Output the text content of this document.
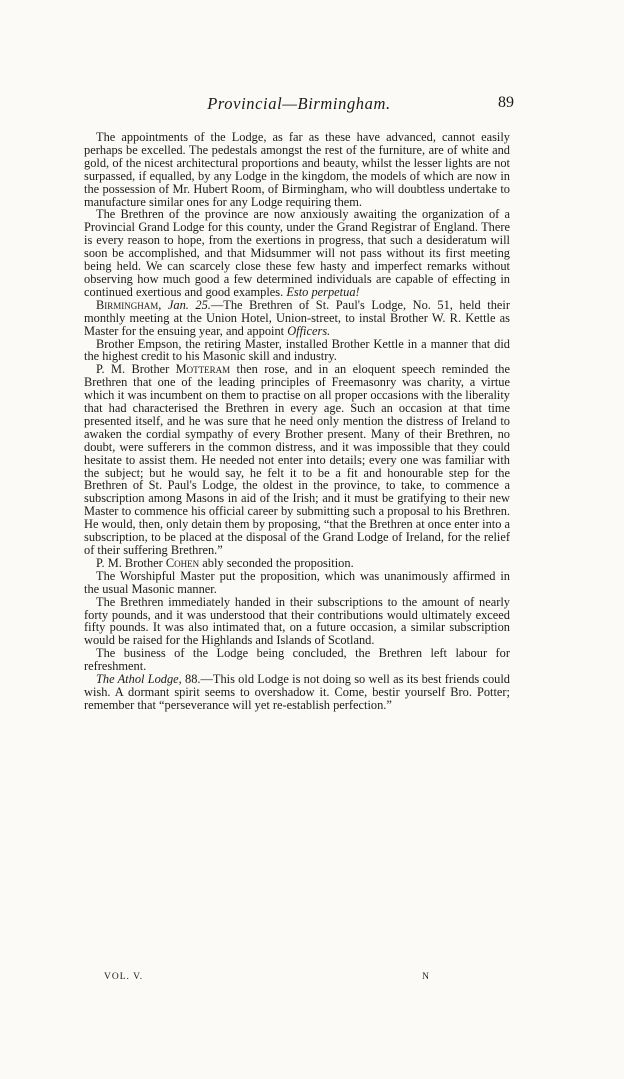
Provincial—Birmingham.	89

The appointments of the Lodge, as far as these have advanced, cannot easily perhaps be excelled. The pedestals amongst the rest of the furniture, are of white and gold, of the nicest architectural proportions and beauty, whilst the lesser lights are not surpassed, if equalled, by any Lodge in the kingdom, the models of which are now in the possession of Mr. Hubert Room, of Birmingham, who will doubtless undertake to manufacture similar ones for any Lodge requiring them.

The Brethren of the province are now anxiously awaiting the organization of a Provincial Grand Lodge for this county, under the Grand Registrar of England. There is every reason to hope, from the exertions in progress, that such a desideratum will soon be accomplished, and that Midsummer will not pass without its first meeting being held. We can scarcely close these few hasty and imperfect remarks without observing how much good a few determined individuals are capable of effecting in continued exertious and good examples. Esto perpetua!

Birmingham, Jan. 25.—The Brethren of St. Paul's Lodge, No. 51, held their monthly meeting at the Union Hotel, Union-street, to instal Brother W. R. Kettle as Master for the ensuing year, and appoint Officers.

Brother Empson, the retiring Master, installed Brother Kettle in a manner that did the highest credit to his Masonic skill and industry.

P. M. Brother Motteram then rose, and in an eloquent speech reminded the Brethren that one of the leading principles of Freemasonry was charity, a virtue which it was incumbent on them to practise on all proper occasions with the liberality that had characterised the Brethren in every age. Such an occasion at that time presented itself, and he was sure that he need only mention the distress of Ireland to awaken the cordial sympathy of every Brother present. Many of their Brethren, no doubt, were sufferers in the common distress, and it was impossible that they could hesitate to assist them. He needed not enter into details; every one was familiar with the subject; but he would say, he felt it to be a fit and honourable step for the Brethren of St. Paul's Lodge, the oldest in the province, to take, to commence a subscription among Masons in aid of the Irish; and it must be gratifying to their new Master to commence his official career by submitting such a proposal to his Brethren. He would, then, only detain them by proposing, “that the Brethren at once enter into a subscription, to be placed at the disposal of the Grand Lodge of Ireland, for the relief of their suffering Brethren.”

P. M. Brother Cohen ably seconded the proposition.

The Worshipful Master put the proposition, which was unanimously affirmed in the usual Masonic manner.

The Brethren immediately handed in their subscriptions to the amount of nearly forty pounds, and it was understood that their contributions would ultimately exceed fifty pounds. It was also intimated that, on a future occasion, a similar subscription would be raised for the Highlands and Islands of Scotland.

The business of the Lodge being concluded, the Brethren left labour for refreshment.

The Athol Lodge, 88.—This old Lodge is not doing so well as its best friends could wish. A dormant spirit seems to overshadow it. Come, bestir yourself Bro. Potter; remember that “perseverance will yet re-establish perfection.”

VOL. V.	N
